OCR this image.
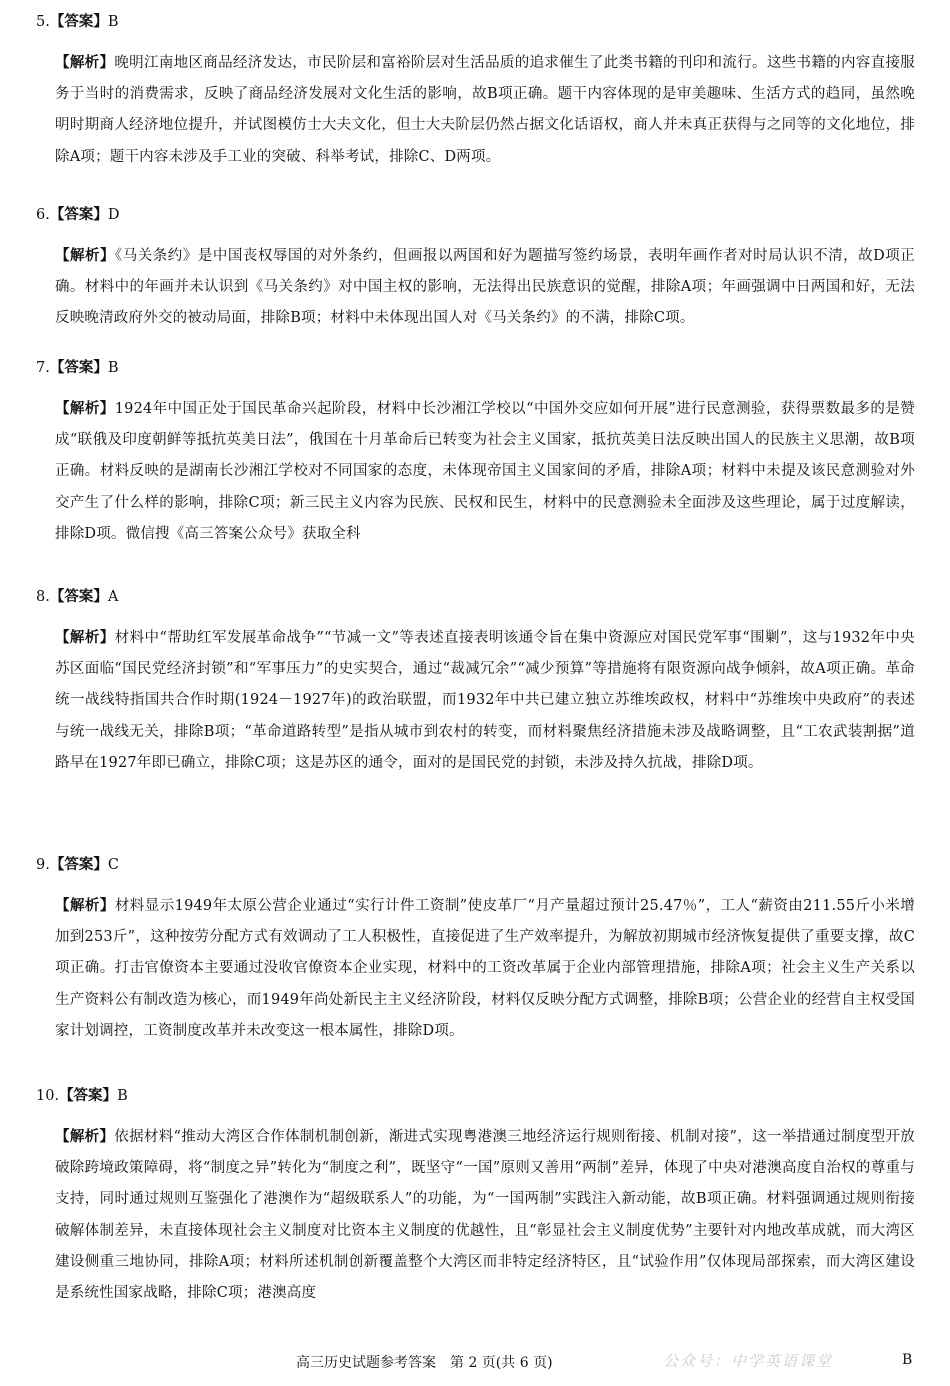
5.【答案】B
【解析】晚明江南地区商品经济发达，市民阶层和富裕阶层对生活品质的追求催生了此类书籍的刊印和流行。这些书籍的内容直接服务于当时的消费需求，反映了商品经济发展对文化生活的影响，故B项正确。题干内容体现的是审美趣味、生活方式的趋同，虽然晚明时期商人经济地位提升，并试图模仿士大夫文化，但士大夫阶层仍然占据文化话语权，商人并未真正获得与之同等的文化地位，排除A项；题干内容未涉及手工业的突破、科举考试，排除C、D两项。
6.【答案】D
【解析】《马关条约》是中国丧权辱国的对外条约，但画报以两国和好为题描写签约场景，表明年画作者对时局认识不清，故D项正确。材料中的年画并未认识到《马关条约》对中国主权的影响，无法得出民族意识的觉醒，排除A项；年画强调中日两国和好，无法反映晚清政府外交的被动局面，排除B项；材料中未体现出国人对《马关条约》的不满，排除C项。
7.【答案】B
【解析】1924年中国正处于国民革命兴起阶段，材料中长沙湘江学校以“中国外交应如何开展”进行民意测验，获得票数最多的是赞成“联俄及印度朝鲜等抵抗英美日法”，俄国在十月革命后已转变为社会主义国家，抵抗英美日法反映出国人的民族主义思潮，故B项正确。材料反映的是湖南长沙湘江学校对不同国家的态度，未体现帝国主义国家间的矛盾，排除A项；材料中未提及该民意测验对外交产生了什么样的影响，排除C项；新三民主义内容为民族、民权和民生，材料中的民意测验未全面涉及这些理论，属于过度解读，排除D项。微信搜《高三答案公众号》获取全科
8.【答案】A
【解析】材料中“帮助红军发展革命战争”“节减一文”等表述直接表明该通令旨在集中资源应对国民党军事“围剿”，这与1932年中央苏区面临“国民党经济封锁”和“军事压力”的史实契合，通过“裁减冗余”“减少预算”等措施将有限资源向战争倾斜，故A项正确。革命统一战线特指国共合作时期(1924－1927年)的政治联盟，而1932年中共已建立独立苏维埃政权，材料中“苏维埃中央政府”的表述与统一战线无关，排除B项；“革命道路转型”是指从城市到农村的转变，而材料聚焦经济措施未涉及战略调整，且“工农武装割据”道路早在1927年即已确立，排除C项；这是苏区的通令，面对的是国民党的封锁，未涉及持久抗战，排除D项。
9.【答案】C
【解析】材料显示1949年太原公营企业通过“实行计件工资制”使皮革厂“月产量超过预计25.47％”，工人“薪资由211.55斤小米增加到253斤”，这种按劳分配方式有效调动了工人积极性，直接促进了生产效率提升，为解放初期城市经济恢复提供了重要支撑，故C项正确。打击官僚资本主要通过没收官僚资本企业实现，材料中的工资改革属于企业内部管理措施，排除A项；社会主义生产关系以生产资料公有制改造为核心，而1949年尚处新民主主义经济阶段，材料仅反映分配方式调整，排除B项；公营企业的经营自主权受国家计划调控，工资制度改革并未改变这一根本属性，排除D项。
10.【答案】B
【解析】依据材料“推动大湾区合作体制机制创新，渐进式实现粤港澳三地经济运行规则衔接、机制对接”，这一举措通过制度型开放破除跨境政策障碍，将“制度之异”转化为“制度之利”，既坚守“一国”原则又善用“两制”差异，体现了中央对港澳高度自治权的尊重与支持，同时通过规则互鉴强化了港澳作为“超级联系人”的功能，为“一国两制”实践注入新动能，故B项正确。材料强调通过规则衔接破解体制差异，未直接体现社会主义制度对比资本主义制度的优越性，且“彰显社会主义制度优势”主要针对内地改革成就，而大湾区建设侧重三地协同，排除A项；材料所述机制创新覆盖整个大湾区而非特定经济特区，且“试验作用”仅体现局部探索，而大湾区建设是系统性国家战略，排除C项；港澳高度
高三历史试题参考答案　第 2 页(共 6 页)	公众号：中学英语课堂	B
